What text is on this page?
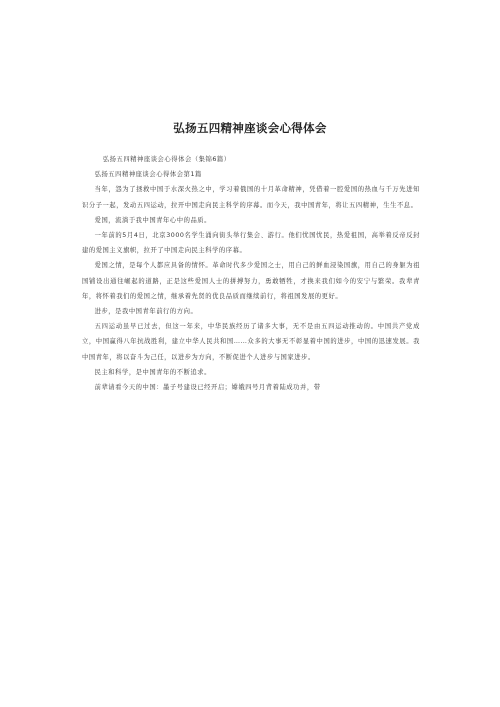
弘扬五四精神座谈会心得体会

弘扬五四精神座谈会心得体会（集锦6篇）

弘扬五四精神座谈会心得体会第1篇

当年，怨为了拯救中国于水深火热之中，学习着俄国的十月革命精神，凭借着一腔爱国的热血与千万先进知识分子一起，发动五四运动，拉开中国走向民主科学的序幕。而今天，我中国青年，将让五四精神，生生不息。

爱国，流淌于我中国青年心中的品质。

一年前的5月4日，北京3000名学生涌向街头举行集会、游行。他们忧国忧民，热爱祖国，高举着反帝反封建的爱国主义旗帜，拉开了中国走向民主科学的序幕。

爱国之情，是每个人都应具备的情怀。革命时代多少爱国之士，用自己的鲜血浸染国旗，用自己的身躯为祖国铺设出通往崛起的道路，正是这些爱国人士的拼搏努力，勇敢牺牲，才换来我们如今的安宁与繁荣。我辈青年，将怀着我们的爱国之情，继承着先贤的优良品质而继续前行，将祖国发展的更好。

进步，是我中国青年前行的方向。

五四运动虽早已过去，但这一年来，中华民族经历了诸多大事，无不是由五四运动推动的。中国共产党成立，中国赢得八年抗战胜利，建立中华人民共和国……众多的大事无不彰显着中国的进步，中国的迅速发展。我中国青年，将以奋斗为己任，以进步为方向，不断促进个人进步与国家进步。

民主和科学，是中国青年的不断追求。

前辈请看今天的中国：墨子号建设已经开启；嫦娥四号月背着陆成功并，带
